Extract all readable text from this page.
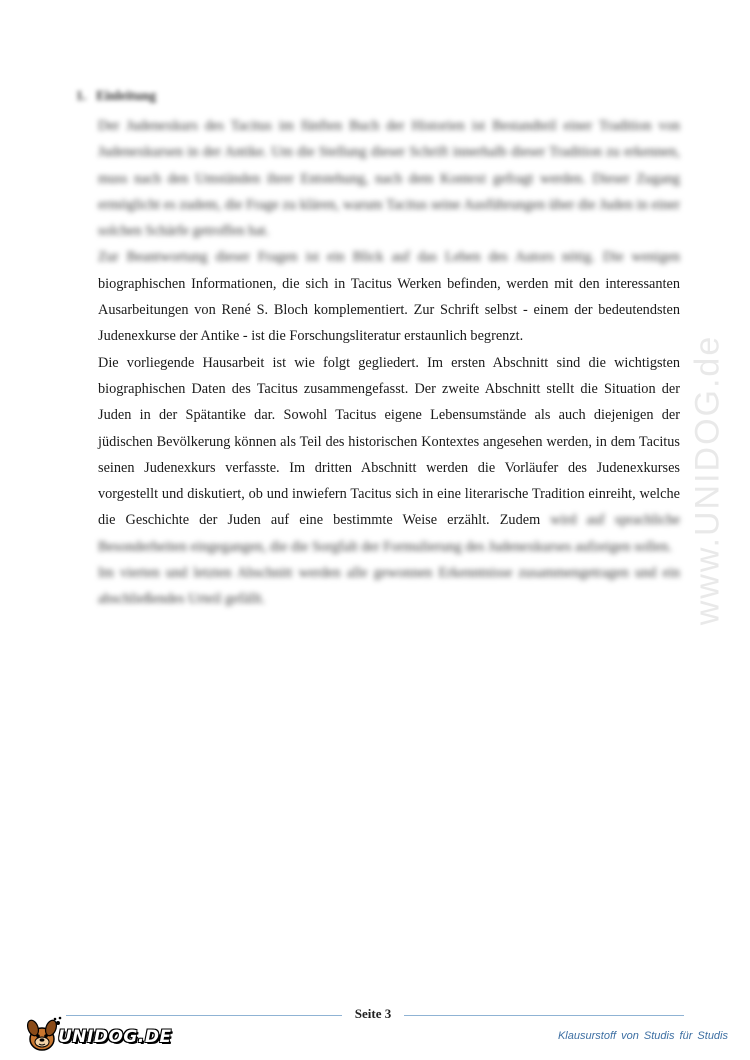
www.UNIDOG.de
1. Einleitung

Der Judenexkurs des Tacitus im fünften Buch der Historien ist Bestandteil einer Tradition von Judenexkursen in der Antike. Um die Stellung dieser Schrift innerhalb dieser Tradition zu erkennen, muss nach den Umständen ihrer Entstehung, nach dem Kontext gefragt werden. Dieser Zugang ermöglicht es zudem, die Frage zu klären, warum Tacitus seine Ausführungen über die Juden in einer solchen Schärfe getroffen hat.

Zur Beantwortung dieser Fragen ist ein Blick auf das Leben des Autors nötig. Die wenigen biographischen Informationen, die sich in Tacitus Werken befinden, werden mit den interessanten Ausarbeitungen von René S. Bloch komplementiert. Zur Schrift selbst - einem der bedeutendsten Judenexkurse der Antike - ist die Forschungsliteratur erstaunlich begrenzt.

Die vorliegende Hausarbeit ist wie folgt gegliedert. Im ersten Abschnitt sind die wichtigsten biographischen Daten des Tacitus zusammengefasst. Der zweite Abschnitt stellt die Situation der Juden in der Spätantike dar. Sowohl Tacitus eigene Lebensumstände als auch diejenigen der jüdischen Bevölkerung können als Teil des historischen Kontextes angesehen werden, in dem Tacitus seinen Judenexkurs verfasste. Im dritten Abschnitt werden die Vorläufer des Judenexkurses vorgestellt und diskutiert, ob und inwiefern Tacitus sich in eine literarische Tradition einreiht, welche die Geschichte der Juden auf eine bestimmte Weise erzählt. Zudem wird auf sprachliche Besonderheiten eingegangen, die die Sorgfalt der Formulierung des Judenexkurses aufzeigen sollen.

Im vierten und letzten Abschnitt werden alle gewonnen Erkenntnisse zusammengetragen und ein abschließendes Urteil gefällt.

Seite 3
UNIDOG.DE	Klausurstoff von Studis für Studis
